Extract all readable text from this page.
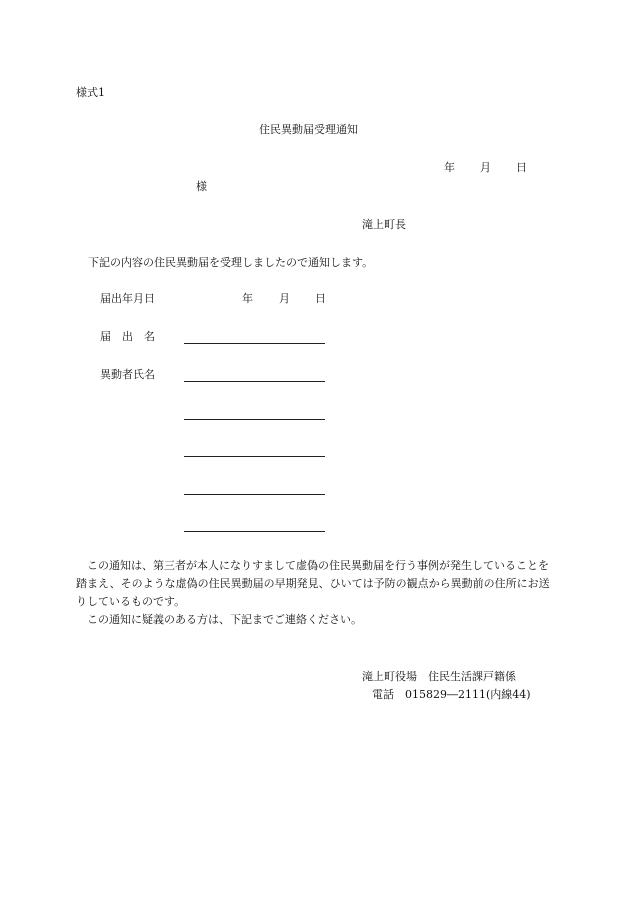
様式1
住民異動届受理通知
年 月 日
様
滝上町長
下記の内容の住民異動届を受理しましたので通知します。
届出年月日	年 月 日
届　出　名
異動者氏名

この通知は、第三者が本人になりすまして虚偽の住民異動届を行う事例が発生していることを踏まえ、そのような虚偽の住民異動届の早期発見、ひいては予防の観点から異動前の住所にお送りしているものです。

この通知に疑義のある方は、下記までご連絡ください。

滝上町役場　住民生活課戸籍係
電話　015829―2111(内線44)
